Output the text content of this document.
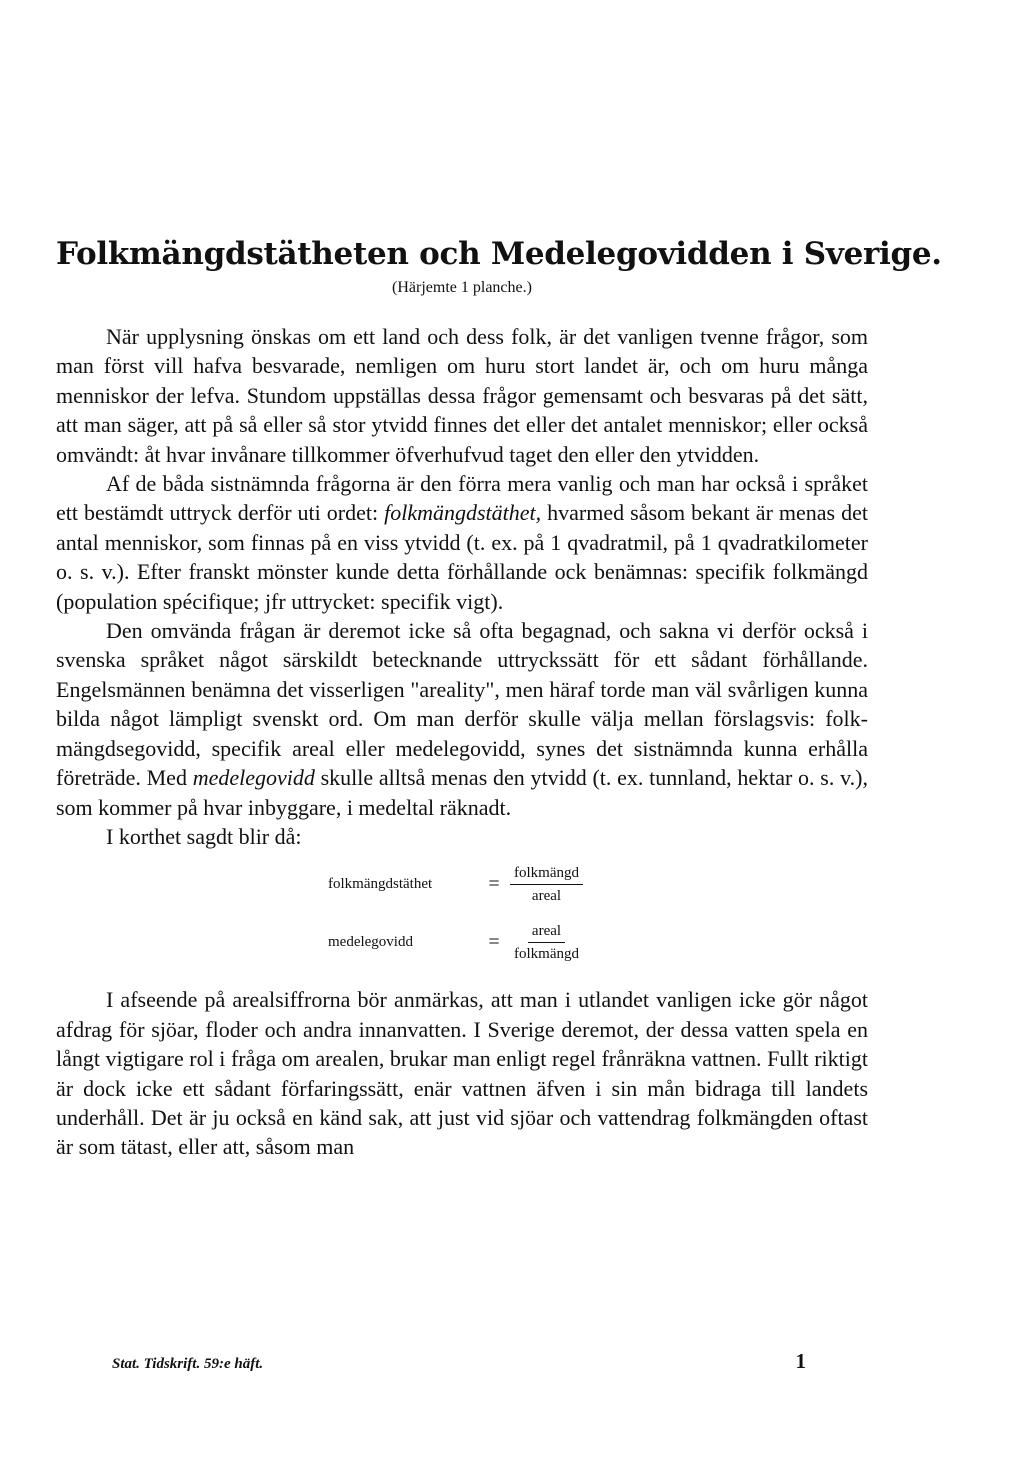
Folkmängdstätheten och Medelegovidden i Sverige.
(Härjemte 1 planche.)

När upplysning önskas om ett land och dess folk, är det vanligen tvenne frågor, som man först vill hafva besvarade, nemligen om huru stort landet är, och om huru många menniskor der lefva. Stundom uppställas dessa frågor gemensamt och besvaras på det sätt, att man säger, att på så eller så stor ytvidd finnes det eller det antalet menniskor; eller också omvändt: åt hvar invånare tillkommer öfverhufvud taget den eller den ytvidden.

Af de båda sistnämnda frågorna är den förra mera vanlig och man har också i språket ett bestämdt uttryck derför uti ordet: folkmängdstäthet, hvarmed såsom bekant är menas det antal menniskor, som finnas på en viss ytvidd (t. ex. på 1 qvadratmil, på 1 qvadratkilometer o. s. v.). Efter franskt mönster kunde detta förhållande ock benämnas: specifik folkmängd (population spécifique; jfr uttrycket: specifik vigt).

Den omvända frågan är deremot icke så ofta begagnad, och sakna vi derför också i svenska språket något särskildt betecknande uttryckssätt för ett sådant förhållande. Engelsmännen benämna det visserligen "areality", men häraf torde man väl svårligen kunna bilda något lämpligt svenskt ord. Om man derför skulle välja mellan förslagsvis: folkmängdsegovidd, specifik areal eller medelegovidd, synes det sistnämnda kunna erhålla företräde. Med medelegovidd skulle alltså menas den ytvidd (t. ex. tunnland, hektar o. s. v.), som kommer på hvar inbyggare, i medeltal räknadt.

I korthet sagdt blir då:

folkmängdstäthet	= $\frac{\text{folkmängd}}{\text{areal}}$
medelegovidd	= $\frac{\text{areal}}{\text{folkmängd}}$

I afseende på arealsiffrorna bör anmärkas, att man i utlandet vanligen icke gör något afdrag för sjöar, floder och andra innanvatten. I Sverige deremot, der dessa vatten spela en långt vigtigare rol i fråga om arealen, brukar man enligt regel frånräkna vattnen. Fullt riktigt är dock icke ett sådant förfaringssätt, enär vattnen äfven i sin mån bidraga till landets underhåll. Det är ju också en känd sak, att just vid sjöar och vattendrag folkmängden oftast är som tätast, eller att, såsom man

Stat. Tidskrift. 59:e häft.	1
